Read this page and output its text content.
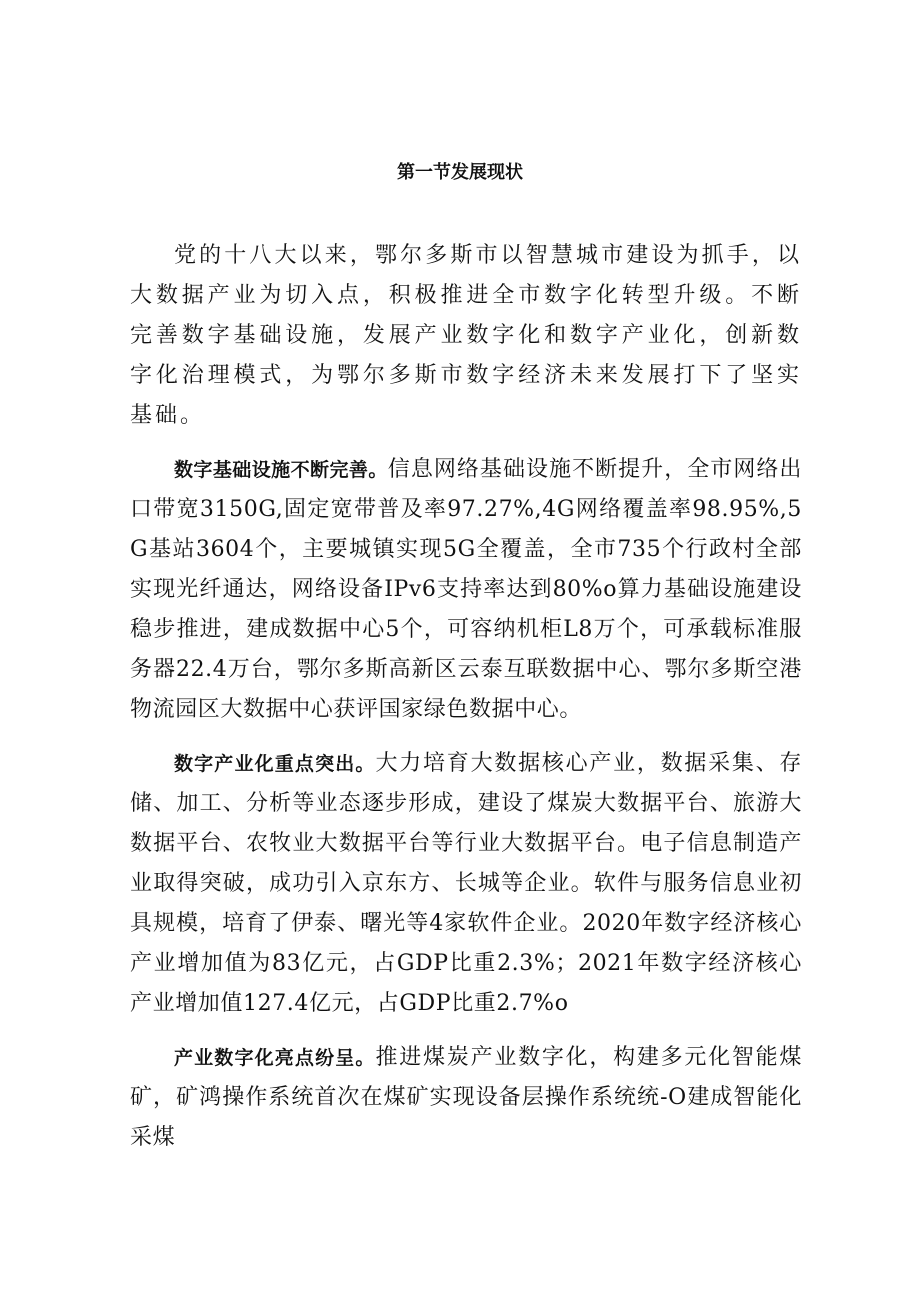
第一节发展现状

党的十八大以来，鄂尔多斯市以智慧城市建设为抓手，以大数据产业为切入点，积极推进全市数字化转型升级。不断完善数字基础设施，发展产业数字化和数字产业化，创新数字化治理模式，为鄂尔多斯市数字经济未来发展打下了坚实基础。

数字基础设施不断完善。信息网络基础设施不断提升，全市网络出口带宽3150G,固定宽带普及率97.27%,4G网络覆盖率98.95%,5G基站3604个，主要城镇实现5G全覆盖，全市735个行政村全部实现光纤通达，网络设备IPv6支持率达到80%o算力基础设施建设稳步推进，建成数据中心5个，可容纳机柜L8万个，可承载标准服务器22.4万台，鄂尔多斯高新区云泰互联数据中心、鄂尔多斯空港物流园区大数据中心获评国家绿色数据中心。

数字产业化重点突出。大力培育大数据核心产业，数据采集、存储、加工、分析等业态逐步形成，建设了煤炭大数据平台、旅游大数据平台、农牧业大数据平台等行业大数据平台。电子信息制造产业取得突破，成功引入京东方、长城等企业。软件与服务信息业初具规模，培育了伊泰、曙光等4家软件企业。2020年数字经济核心产业增加值为83亿元，占GDP比重2.3%；2021年数字经济核心产业增加值127.4亿元，占GDP比重2.7%o

产业数字化亮点纷呈。推进煤炭产业数字化，构建多元化智能煤矿，矿鸿操作系统首次在煤矿实现设备层操作系统统-O建成智能化采煤
